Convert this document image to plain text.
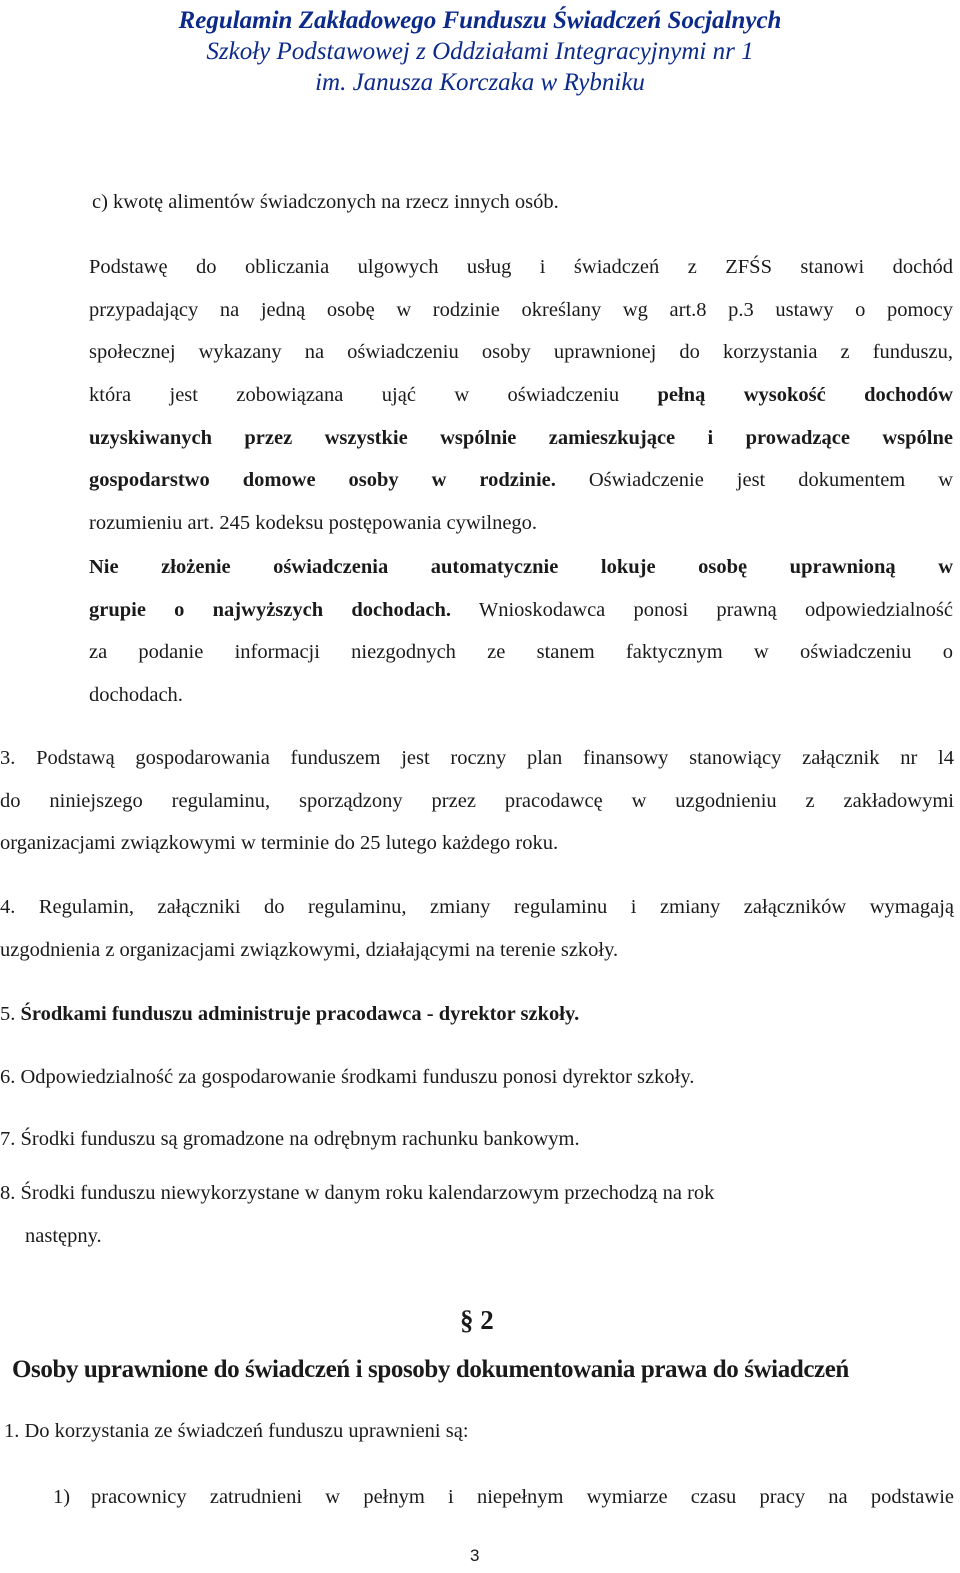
Regulamin Zakładowego Funduszu Świadczeń Socjalnych
Szkoły Podstawowej z Oddziałami Integracyjnymi nr 1
im. Janusza Korczaka w Rybniku
c) kwotę alimentów świadczonych na rzecz innych osób.
Podstawę do obliczania ulgowych usług i świadczeń z ZFŚS stanowi dochód
przypadający na jedną osobę w rodzinie określany wg art.8 p.3 ustawy o pomocy
społecznej wykazany na oświadczeniu osoby uprawnionej do korzystania z funduszu,
która jest zobowiązana ująć w oświadczeniu pełną wysokość dochodów
uzyskiwanych przez wszystkie wspólnie zamieszkujące i prowadzące wspólne
gospodarstwo domowe osoby w rodzinie. Oświadczenie jest dokumentem w
rozumieniu art. 245 kodeksu postępowania cywilnego.
Nie złożenie oświadczenia automatycznie lokuje osobę uprawnioną w
grupie o najwyższych dochodach. Wnioskodawca ponosi prawną odpowiedzialność
za podanie informacji niezgodnych ze stanem faktycznym w oświadczeniu o
dochodach.
3. Podstawą gospodarowania funduszem jest roczny plan finansowy stanowiący załącznik nr l4
do niniejszego regulaminu, sporządzony przez pracodawcę w uzgodnieniu z zakładowymi
organizacjami związkowymi w terminie do 25 lutego każdego roku.
4. Regulamin, załączniki do regulaminu, zmiany regulaminu i zmiany załączników wymagają
uzgodnienia z organizacjami związkowymi, działającymi na terenie szkoły.
5. Środkami funduszu administruje pracodawca - dyrektor szkoły.
6. Odpowiedzialność za gospodarowanie środkami funduszu ponosi dyrektor szkoły.
7. Środki funduszu są gromadzone na odrębnym rachunku bankowym.
8. Środki funduszu niewykorzystane w danym roku kalendarzowym przechodzą na rok
następny.
§ 2
Osoby uprawnione do świadczeń i sposoby dokumentowania prawa do świadczeń
1. Do korzystania ze świadczeń funduszu uprawnieni są:
1) pracownicy zatrudnieni w pełnym i niepełnym wymiarze czasu pracy na podstawie
3
